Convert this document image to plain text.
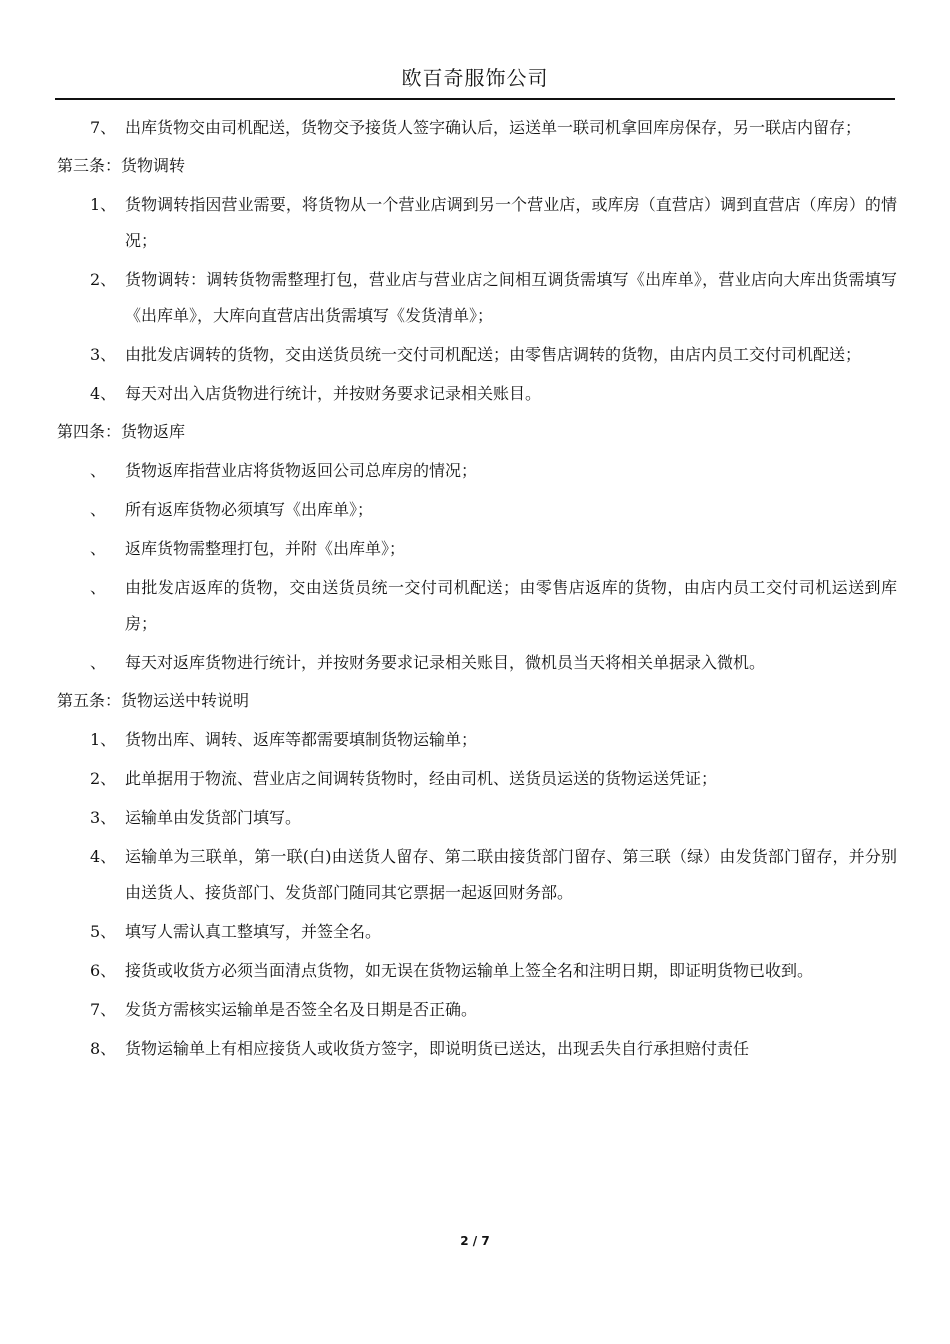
欧百奇服饰公司
7、 出库货物交由司机配送，货物交予接货人签字确认后，运送单一联司机拿回库房保存，另一联店内留存；
第三条：货物调转
1、 货物调转指因营业需要，将货物从一个营业店调到另一个营业店，或库房（直营店）调到直营店（库房）的情况；
2、 货物调转：调转货物需整理打包，营业店与营业店之间相互调货需填写《出库单》，营业店向大库出货需填写《出库单》，大库向直营店出货需填写《发货清单》；
3、 由批发店调转的货物，交由送货员统一交付司机配送；由零售店调转的货物，由店内员工交付司机配送；
4、 每天对出入店货物进行统计，并按财务要求记录相关账目。
第四条：货物返库
、	货物返库指营业店将货物返回公司总库房的情况；
、	所有返库货物必须填写《出库单》；
、	返库货物需整理打包，并附《出库单》；
、	由批发店返库的货物，交由送货员统一交付司机配送；由零售店返库的货物，由店内员工交付司机运送到库房；
、	每天对返库货物进行统计，并按财务要求记录相关账目，微机员当天将相关单据录入微机。
第五条：货物运送中转说明
1、 货物出库、调转、返库等都需要填制货物运输单；
2、 此单据用于物流、营业店之间调转货物时，经由司机、送货员运送的货物运送凭证；
3、 运输单由发货部门填写。
4、 运输单为三联单，第一联(白)由送货人留存、第二联由接货部门留存、第三联（绿）由发货部门留存，并分别由送货人、接货部门、发货部门随同其它票据一起返回财务部。
5、 填写人需认真工整填写，并签全名。
6、 接货或收货方必须当面清点货物，如无误在货物运输单上签全名和注明日期，即证明货物已收到。
7、 发货方需核实运输单是否签全名及日期是否正确。
8、 货物运输单上有相应接货人或收货方签字，即说明货已送达，出现丢失自行承担赔付责任
2 / 7
